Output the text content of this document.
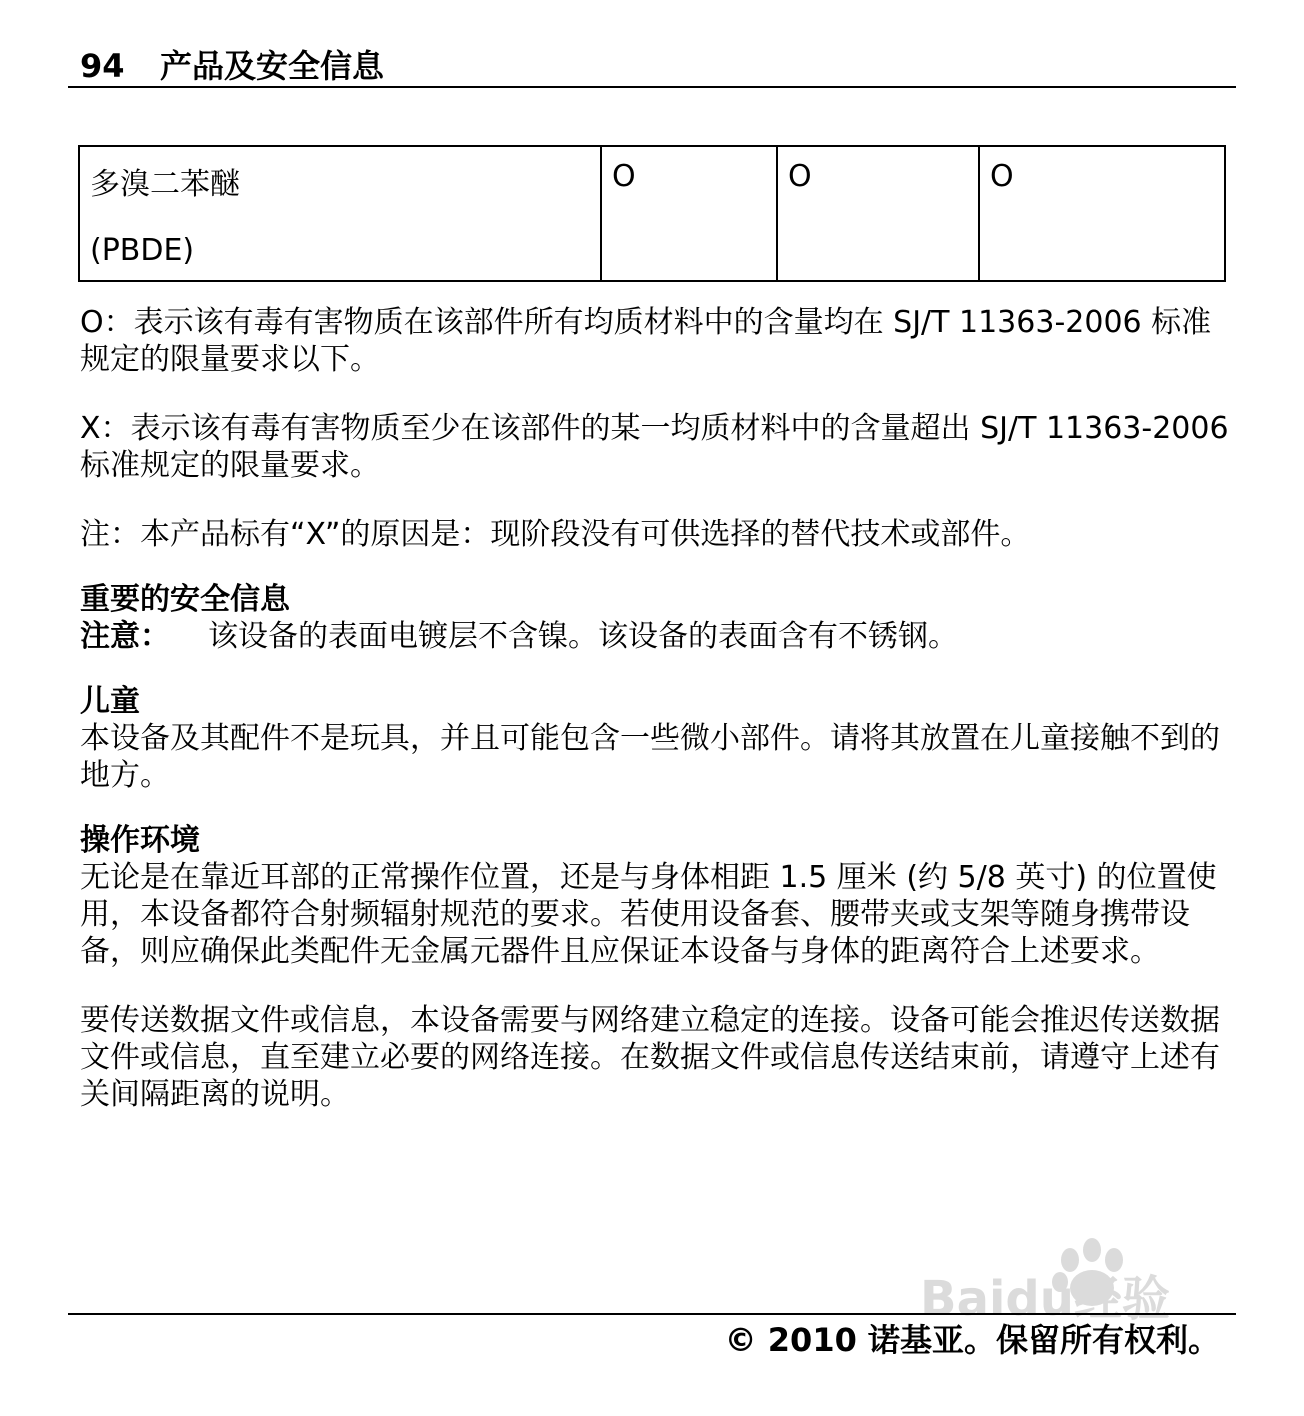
94 产品及安全信息
多溴二苯醚
(PBDE)
	O	O	O

O：表示该有毒有害物质在该部件所有均质材料中的含量均在 SJ/T 11363-2006 标准规定的限量要求以下。

X：表示该有毒有害物质至少在该部件的某一均质材料中的含量超出 SJ/T 11363-2006 标准规定的限量要求。

注：本产品标有“X”的原因是：现阶段没有可供选择的替代技术或部件。

重要的安全信息

注意： 该设备的表面电镀层不含镍。该设备的表面含有不锈钢。

儿童

本设备及其配件不是玩具，并且可能包含一些微小部件。请将其放置在儿童接触不到的地方。

操作环境

无论是在靠近耳部的正常操作位置，还是与身体相距 1.5 厘米 (约 5/8 英寸) 的位置使用，本设备都符合射频辐射规范的要求。若使用设备套、腰带夹或支架等随身携带设备，则应确保此类配件无金属元器件且应保证本设备与身体的距离符合上述要求。

要传送数据文件或信息，本设备需要与网络建立稳定的连接。设备可能会推迟传送数据文件或信息，直至建立必要的网络连接。在数据文件或信息传送结束前，请遵守上述有关间隔距离的说明。

Baidu经验
© 2010 诺基亚。保留所有权利。
